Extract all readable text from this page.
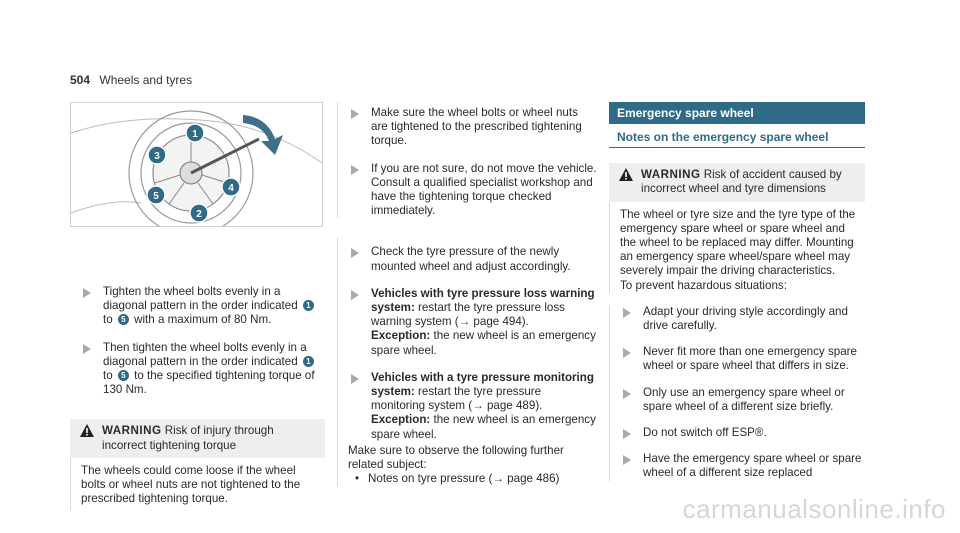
504 Wheels and tyres
1
3
4
5
2
Tighten the wheel bolts evenly in a diagonal pattern in the order indicated 1 to 5 with a maximum of 80 Nm.
Then tighten the wheel bolts evenly in a diagonal pattern in the order indicated 1 to 5 to the specified tightening torque of 130 Nm.
WARNING Risk of injury through incorrect tightening torque
The wheels could come loose if the wheel bolts or wheel nuts are not tightened to the prescribed tightening torque.
Make sure the wheel bolts or wheel nuts are tightened to the prescribed tightening torque.
If you are not sure, do not move the vehicle. Consult a qualified specialist workshop and have the tightening torque checked immediately.
Check the tyre pressure of the newly mounted wheel and adjust accordingly.
Vehicles with tyre pressure loss warning system: restart the tyre pressure loss warning system (→ page 494).
Exception: the new wheel is an emergency spare wheel.
Vehicles with a tyre pressure monitoring system: restart the tyre pressure monitoring system (→ page 489).
Exception: the new wheel is an emergency spare wheel.
Make sure to observe the following further related subject:
• Notes on tyre pressure (→ page 486)
Emergency spare wheel
Notes on the emergency spare wheel
WARNING Risk of accident caused by incorrect wheel and tyre dimensions
The wheel or tyre size and the tyre type of the emergency spare wheel or spare wheel and the wheel to be replaced may differ. Mounting an emergency spare wheel/spare wheel may severely impair the driving characteristics.
To prevent hazardous situations:
Adapt your driving style accordingly and drive carefully.
Never fit more than one emergency spare wheel or spare wheel that differs in size.
Only use an emergency spare wheel or spare wheel of a different size briefly.
Do not switch off ESP®.
Have the emergency spare wheel or spare wheel of a different size replaced
carmanualsonline.info
